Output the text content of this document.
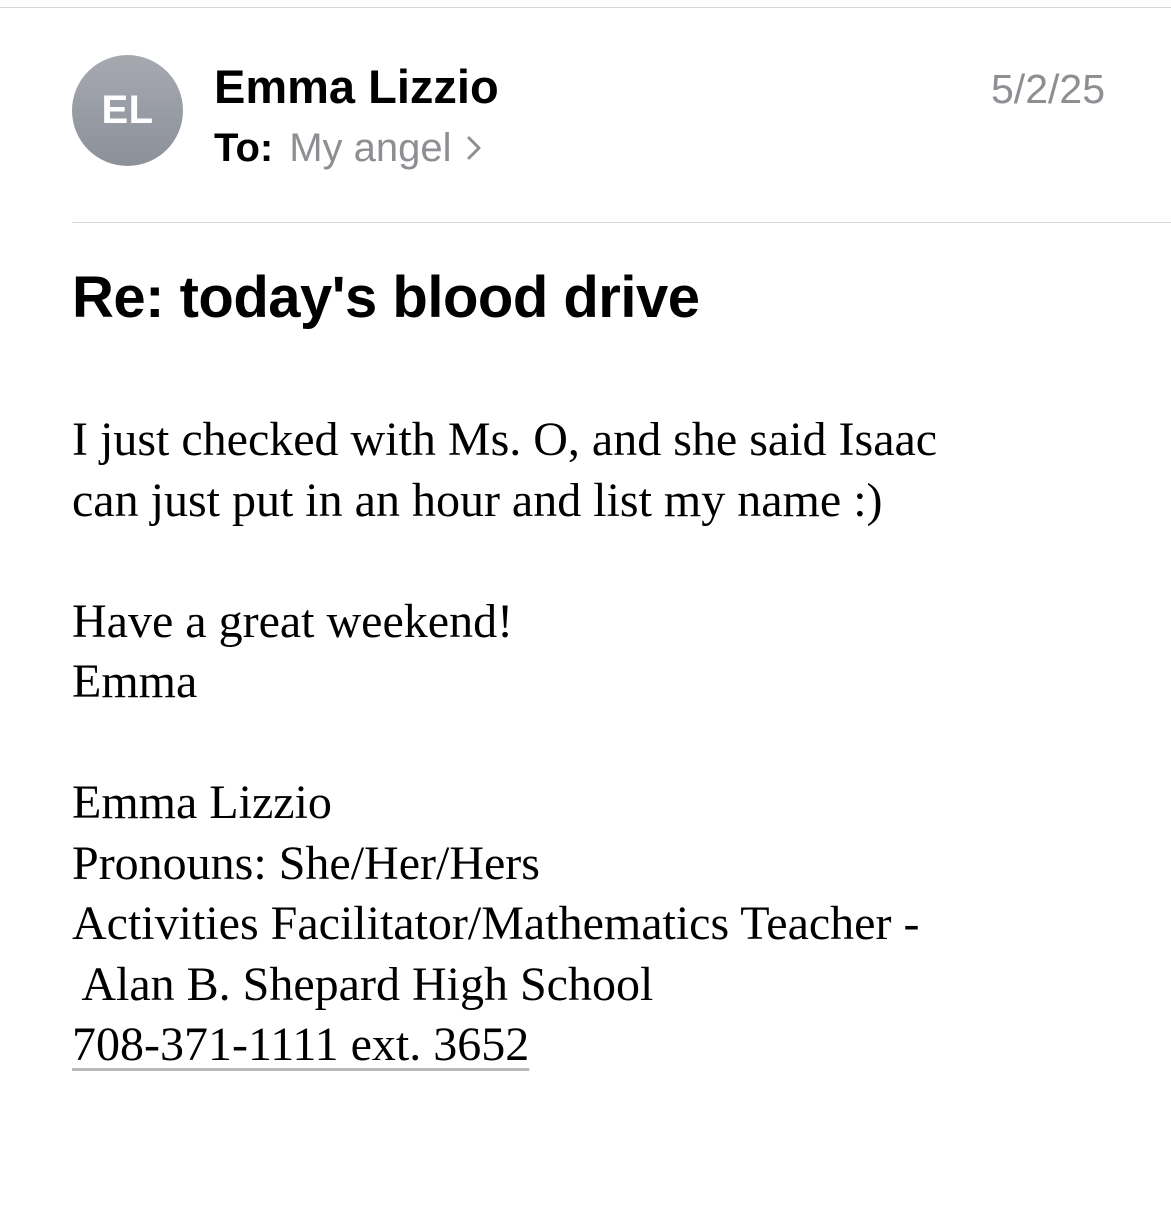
EL Emma Lizzio
To: My angel
5/2/25
Re: today's blood drive

I just checked with Ms. O, and she said Isaac

can just put in an hour and list my name :)

Have a great weekend!

Emma

Emma Lizzio

Pronouns: She/Her/Hers

Activities Facilitator/Mathematics Teacher -

Alan B. Shepard High School

708-371-1111 ext. 3652
